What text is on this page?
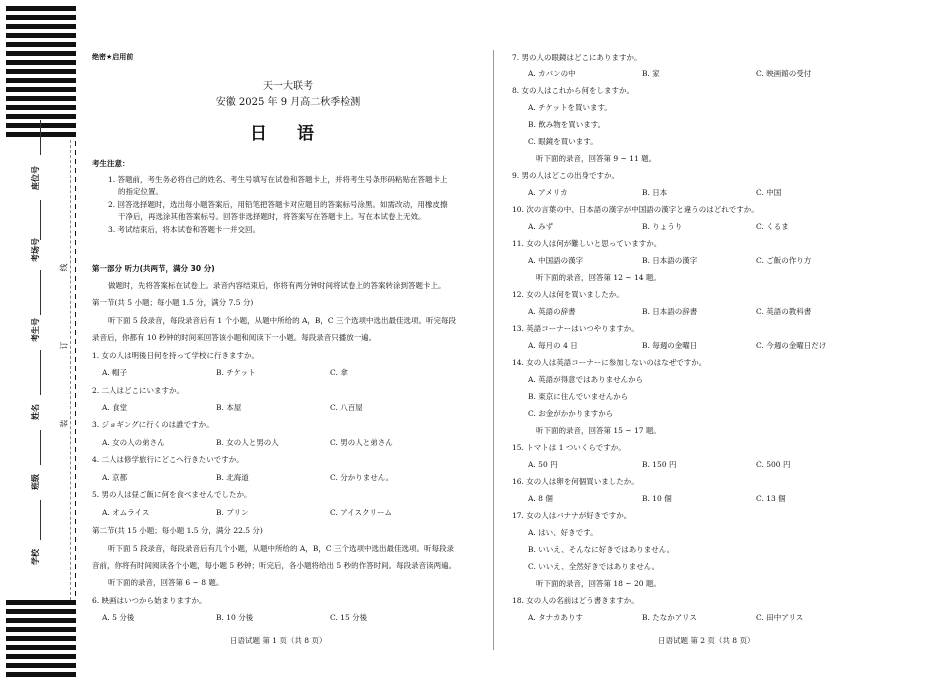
座位号
考场号
考生号
姓名
班级
学校
线
订
装
绝密★启用前
天一大联考
安徽 2025 年 9 月高二秋季检测
日 语
考生注意：
1. 答题前，考生务必将自己的姓名、考生号填写在试卷和答题卡上，并将考生号条形码粘贴在答题卡上
的指定位置。
2. 回答选择题时，选出每小题答案后，用铅笔把答题卡对应题目的答案标号涂黑。如需改动，用橡皮擦
干净后，再选涂其他答案标号。回答非选择题时，将答案写在答题卡上。写在本试卷上无效。
3. 考试结束后，将本试卷和答题卡一并交回。
第一部分 听力(共两节，满分 30 分)
做题时，先将答案标在试卷上。录音内容结束后，你将有两分钟时间将试卷上的答案转涂到答题卡上。
第一节(共 5 小题；每小题 1.5 分，满分 7.5 分)
听下面 5 段录音，每段录音后有 1 个小题，从题中所给的 A，B，C 三个选项中选出最佳选项。听完每段
录音后，你都有 10 秒钟的时间来回答该小题和阅读下一小题。每段录音只播放一遍。
1. 女の人は明後日何を持って学校に行きますか。
A. 帽子	B. チケット	C. 傘
2. 二人はどこにいますか。
A. 食堂	B. 本屋	C. 八百屋
3. ジョギングに行くのは誰ですか。
A. 女の人の弟さん	B. 女の人と男の人	C. 男の人と弟さん
4. 二人は修学旅行にどこへ行きたいですか。
A. 京都	B. 北海道	C. 分かりません。
5. 男の人は昼ご飯に何を食べませんでしたか。
A. オムライス	B. プリン	C. アイスクリーム
第二节(共 15 小题；每小题 1.5 分，满分 22.5 分)
听下面 5 段录音，每段录音后有几个小题，从题中所给的 A，B，C 三个选项中选出最佳选项。听每段录
音前，你将有时间阅读各个小题，每小题 5 秒钟；听完后，各小题将给出 5 秒的作答时间。每段录音读两遍。
听下面的录音，回答第 6 ~ 8 题。
6. 映画はいつから始まりますか。
A. 5 分後	B. 10 分後	C. 15 分後
日语试题 第 1 页（共 8 页）
7. 男の人の眼鏡はどこにありますか。
A. カバンの中	B. 家	C. 映画館の受付
8. 女の人はこれから何をしますか。
A. チケットを買います。
B. 飲み物を買います。
C. 眼鏡を買います。
听下面的录音，回答第 9 ~ 11 题。
9. 男の人はどこの出身ですか。
A. アメリカ	B. 日本	C. 中国
10. 次の言葉の中、日本語の漢字が中国語の漢字と違うのはどれですか。
A. みず	B. りょうり	C. くるま
11. 女の人は何が難しいと思っていますか。
A. 中国語の漢字	B. 日本語の漢字	C. ご飯の作り方
听下面的录音，回答第 12 ~ 14 题。
12. 女の人は何を買いましたか。
A. 英語の辞書	B. 日本語の辞書	C. 英語の教科書
13. 英語コーナーはいつやりますか。
A. 毎月の 4 日	B. 毎週の金曜日	C. 今週の金曜日だけ
14. 女の人は英語コーナーに参加しないのはなぜですか。
A. 英語が得意ではありませんから
B. 東京に住んでいませんから
C. お金がかかりますから
听下面的录音，回答第 15 ~ 17 题。
15. トマトは 1 ついくらですか。
A. 50 円	B. 150 円	C. 500 円
16. 女の人は卵を何個買いましたか。
A. 8 個	B. 10 個	C. 13 個
17. 女の人はバナナが好きですか。
A. はい、好きです。
B. いいえ、そんなに好きではありません。
C. いいえ、全然好きではありません。
听下面的录音，回答第 18 ~ 20 题。
18. 女の人の名前はどう書きますか。
A. タナカありす	B. たなかアリス	C. 田中アリス
日语试题 第 2 页（共 8 页）
